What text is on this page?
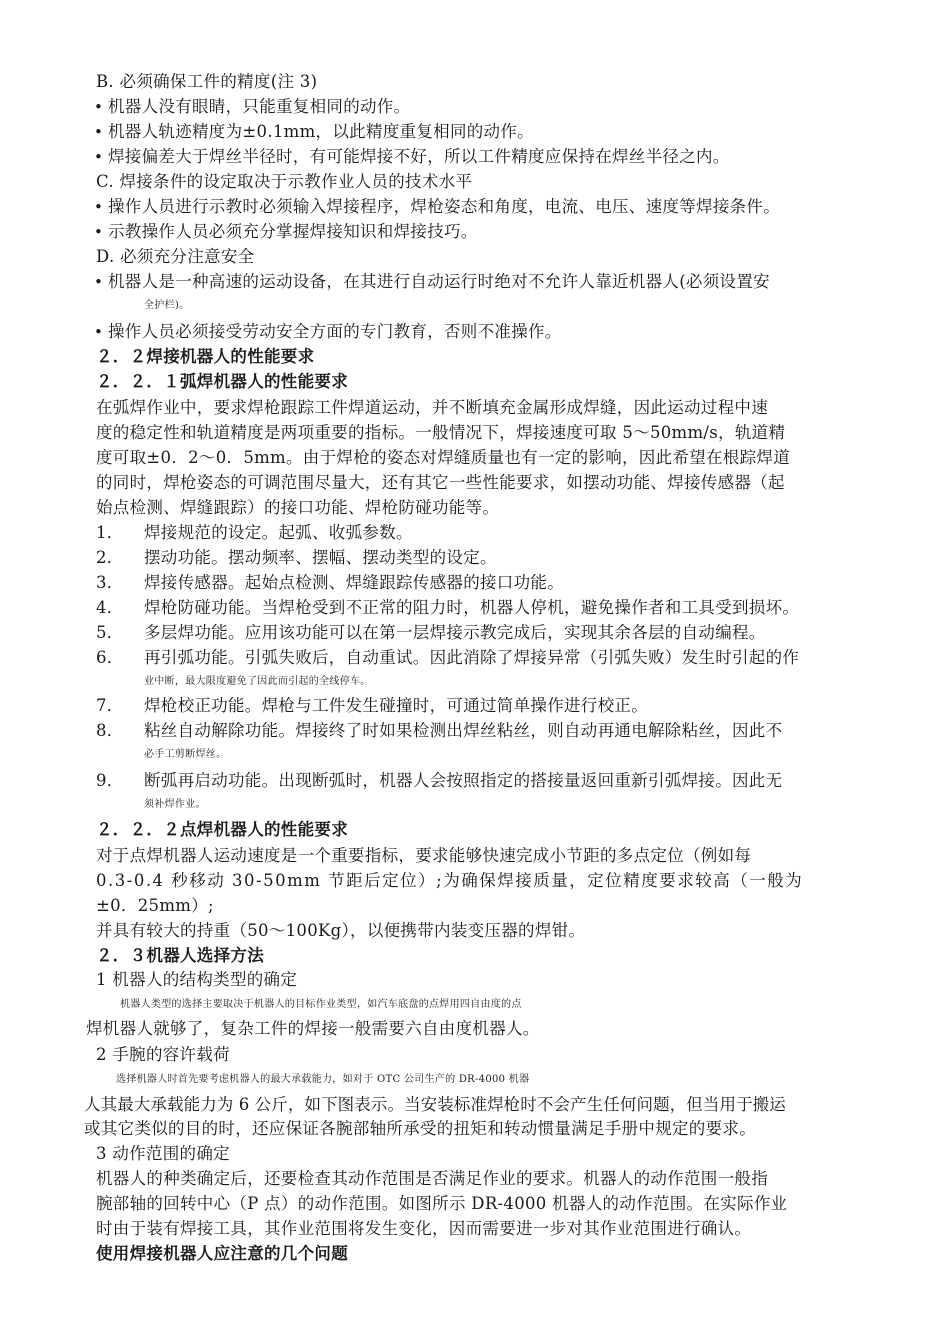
B. 必须确保工件的精度(注 3)
机器人没有眼睛，只能重复相同的动作。
机器人轨迹精度为±0.1mm，以此精度重复相同的动作。
焊接偏差大于焊丝半径时，有可能焊接不好，所以工件精度应保持在焊丝半径之内。
C. 焊接条件的设定取决于示教作业人员的技术水平
操作人员进行示教时必须输入焊接程序，焊枪姿态和角度，电流、电压、速度等焊接条件。
示教操作人员必须充分掌握焊接知识和焊接技巧。
D. 必须充分注意安全
机器人是一种高速的运动设备，在其进行自动运行时绝对不允许人靠近机器人(必须设置安
全护栏)。
操作人员必须接受劳动安全方面的专门教育，否则不准操作。
２．２焊接机器人的性能要求
２．２．１弧焊机器人的性能要求
在弧焊作业中，要求焊枪跟踪工件焊道运动，并不断填充金属形成焊缝，因此运动过程中速
度的稳定性和轨道精度是两项重要的指标。一般情况下，焊接速度可取 5～50mm/s，轨道精
度可取±0．2～0．5mm。由于焊枪的姿态对焊缝质量也有一定的影响，因此希望在根踪焊道
的同时，焊枪姿态的可调范围尽量大，还有其它一些性能要求，如摆动功能、焊接传感器（起
始点检测、焊缝跟踪）的接口功能、焊枪防碰功能等。
1． 焊接规范的设定。起弧、收弧参数。
2． 摆动功能。摆动频率、摆幅、摆动类型的设定。
3． 焊接传感器。起始点检测、焊缝跟踪传感器的接口功能。
4． 焊枪防碰功能。当焊枪受到不正常的阻力时，机器人停机，避免操作者和工具受到损坏。
5． 多层焊功能。应用该功能可以在第一层焊接示教完成后，实现其余各层的自动编程。
6． 再引弧功能。引弧失败后，自动重试。因此消除了焊接异常（引弧失败）发生时引起的作
业中断，最大限度避免了因此而引起的全线停车。
7． 焊枪校正功能。焊枪与工件发生碰撞时，可通过简单操作进行校正。
8． 粘丝自动解除功能。焊接终了时如果检测出焊丝粘丝，则自动再通电解除粘丝，因此不
必手工剪断焊丝。
9． 断弧再启动功能。出现断弧时，机器人会按照指定的搭接量返回重新引弧焊接。因此无
须补焊作业。
２．２．２点焊机器人的性能要求
对于点焊机器人运动速度是一个重要指标，要求能够快速完成小节距的多点定位（例如每
0.3-0.4 秒移动 30-50mm 节距后定位）;为确保焊接质量，定位精度要求较高（一般为
±0．25mm）;
并具有较大的持重（50～100Kg），以便携带内装变压器的焊钳。
２．３机器人选择方法
1 机器人的结构类型的确定
机器人类型的选择主要取决于机器人的目标作业类型，如汽车底盘的点焊用四自由度的点
焊机器人就够了，复杂工件的焊接一般需要六自由度机器人。
2 手腕的容许载荷
选择机器人时首先要考虑机器人的最大承载能力，如对于 OTC 公司生产的 DR-4000 机器
人其最大承载能力为 6 公斤，如下图表示。当安装标准焊枪时不会产生任何问题，但当用于搬运
或其它类似的目的时，还应保证各腕部轴所承受的扭矩和转动惯量满足手册中规定的要求。
3 动作范围的确定
机器人的种类确定后，还要检查其动作范围是否满足作业的要求。机器人的动作范围一般指
腕部轴的回转中心（P 点）的动作范围。如图所示 DR-4000 机器人的动作范围。在实际作业
时由于装有焊接工具，其作业范围将发生变化，因而需要进一步对其作业范围进行确认。
使用焊接机器人应注意的几个问题
